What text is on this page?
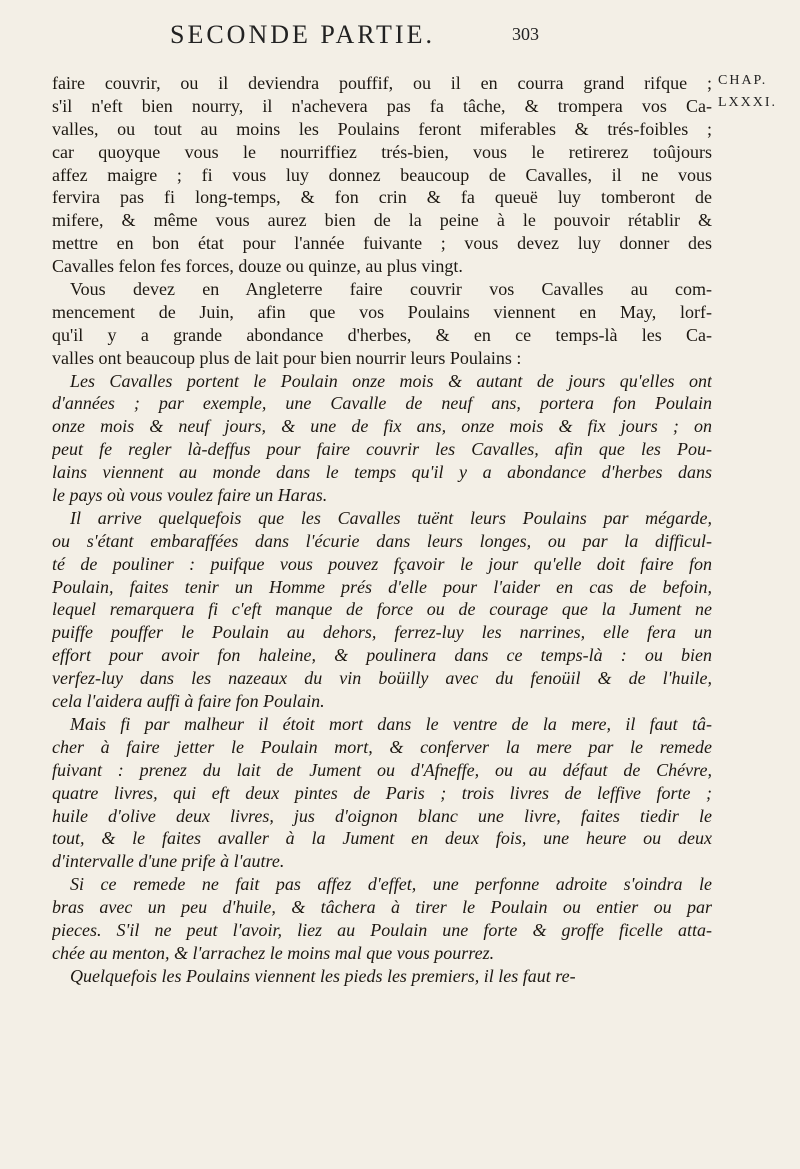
SECONDE PARTIE.	303
CHAP.
LXXXI.
faire couvrir, ou il deviendra pouffif, ou il en courra grand rifque ;
s'il n'eft bien nourry, il n'achevera pas fa tâche, & trompera vos Ca-
valles, ou tout au moins les Poulains feront miferables & trés-foibles ;
car quoyque vous le nourriffiez trés-bien, vous le retirerez toûjours
affez maigre ; fi vous luy donnez beaucoup de Cavalles, il ne vous
fervira pas fi long-temps, & fon crin & fa queuë luy tomberont de
mifere, & même vous aurez bien de la peine à le pouvoir rétablir &
mettre en bon état pour l'année fuivante ; vous devez luy donner des
Cavalles felon fes forces, douze ou quinze, au plus vingt.
Vous devez en Angleterre faire couvrir vos Cavalles au com-
mencement de Juin, afin que vos Poulains viennent en May, lorf-
qu'il y a grande abondance d'herbes, & en ce temps-là les Ca-
valles ont beaucoup plus de lait pour bien nourrir leurs Poulains :
Les Cavalles portent le Poulain onze mois & autant de jours qu'elles ont
d'années ; par exemple, une Cavalle de neuf ans, portera fon Poulain
onze mois & neuf jours, & une de fix ans, onze mois & fix jours ; on
peut fe regler là-deffus pour faire couvrir les Cavalles, afin que les Pou-
lains viennent au monde dans le temps qu'il y a abondance d'herbes dans
le pays où vous voulez faire un Haras.
Il arrive quelquefois que les Cavalles tuënt leurs Poulains par mégarde,
ou s'étant embaraffées dans l'écurie dans leurs longes, ou par la difficul-
té de pouliner : puifque vous pouvez fçavoir le jour qu'elle doit faire fon
Poulain, faites tenir un Homme prés d'elle pour l'aider en cas de befoin,
lequel remarquera fi c'eft manque de force ou de courage que la Jument ne
puiffe pouffer le Poulain au dehors, ferrez-luy les narrines, elle fera un
effort pour avoir fon haleine, & poulinera dans ce temps-là : ou bien
verfez-luy dans les nazeaux du vin boüilly avec du fenoüil & de l'huile,
cela l'aidera auffi à faire fon Poulain.
Mais fi par malheur il étoit mort dans le ventre de la mere, il faut tâ-
cher à faire jetter le Poulain mort, & conferver la mere par le remede
fuivant : prenez du lait de Jument ou d'Afneffe, ou au défaut de Chévre,
quatre livres, qui eft deux pintes de Paris ; trois livres de leffive forte ;
huile d'olive deux livres, jus d'oignon blanc une livre, faites tiedir le
tout, & le faites avaller à la Jument en deux fois, une heure ou deux
d'intervalle d'une prife à l'autre.
Si ce remede ne fait pas affez d'effet, une perfonne adroite s'oindra le
bras avec un peu d'huile, & tâchera à tirer le Poulain ou entier ou par
pieces. S'il ne peut l'avoir, liez au Poulain une forte & groffe ficelle atta-
chée au menton, & l'arrachez le moins mal que vous pourrez.
Quelquefois les Poulains viennent les pieds les premiers, il les faut re-
